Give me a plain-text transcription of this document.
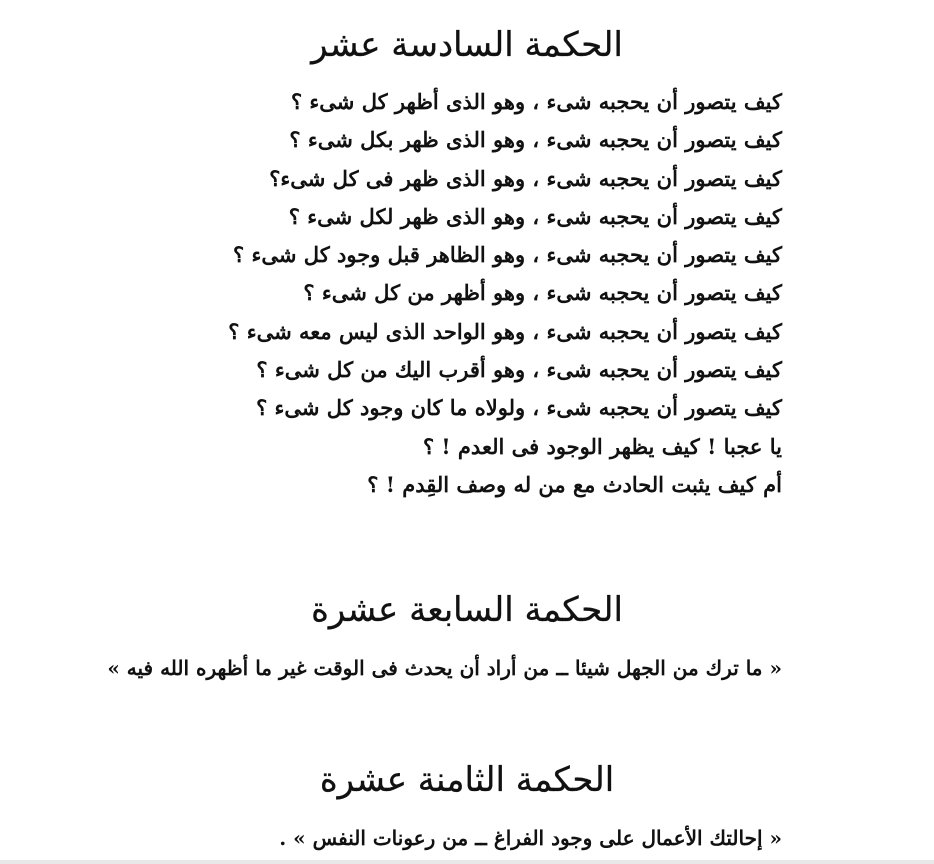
الحكمة السادسة عشر
كيف يتصور أن يحجبه شىء ، وهو الذى أظهر كل شىء ؟
كيف يتصور أن يحجبه شىء ، وهو الذى ظهر بكل شىء ؟
كيف يتصور أن يحجبه شىء ، وهو الذى ظهر فى كل شىء؟
كيف يتصور أن يحجبه شىء ، وهو الذى ظهر لكل شىء ؟
كيف يتصور أن يحجبه شىء ، وهو الظاهر قبل وجود كل شىء ؟
كيف يتصور أن يحجبه شىء ، وهو أظهر من كل شىء ؟
كيف يتصور أن يحجبه شىء ، وهو الواحد الذى ليس معه شىء ؟
كيف يتصور أن يحجبه شىء ، وهو أقرب اليك من كل شىء ؟
كيف يتصور أن يحجبه شىء ، ولولاه ما كان وجود كل شىء ؟
يا عجبا ! كيف يظهر الوجود فى العدم ! ؟
أم كيف يثبت الحادث مع من له وصف القِدم ! ؟
الحكمة السابعة عشرة
« ما ترك من الجهل شيئا ــ من أراد أن يحدث فى الوقت غير ما أظهره الله فيه »
الحكمة الثامنة عشرة
« إحالتك الأعمال على وجود الفراغ ــ من رعونات النفس » .
